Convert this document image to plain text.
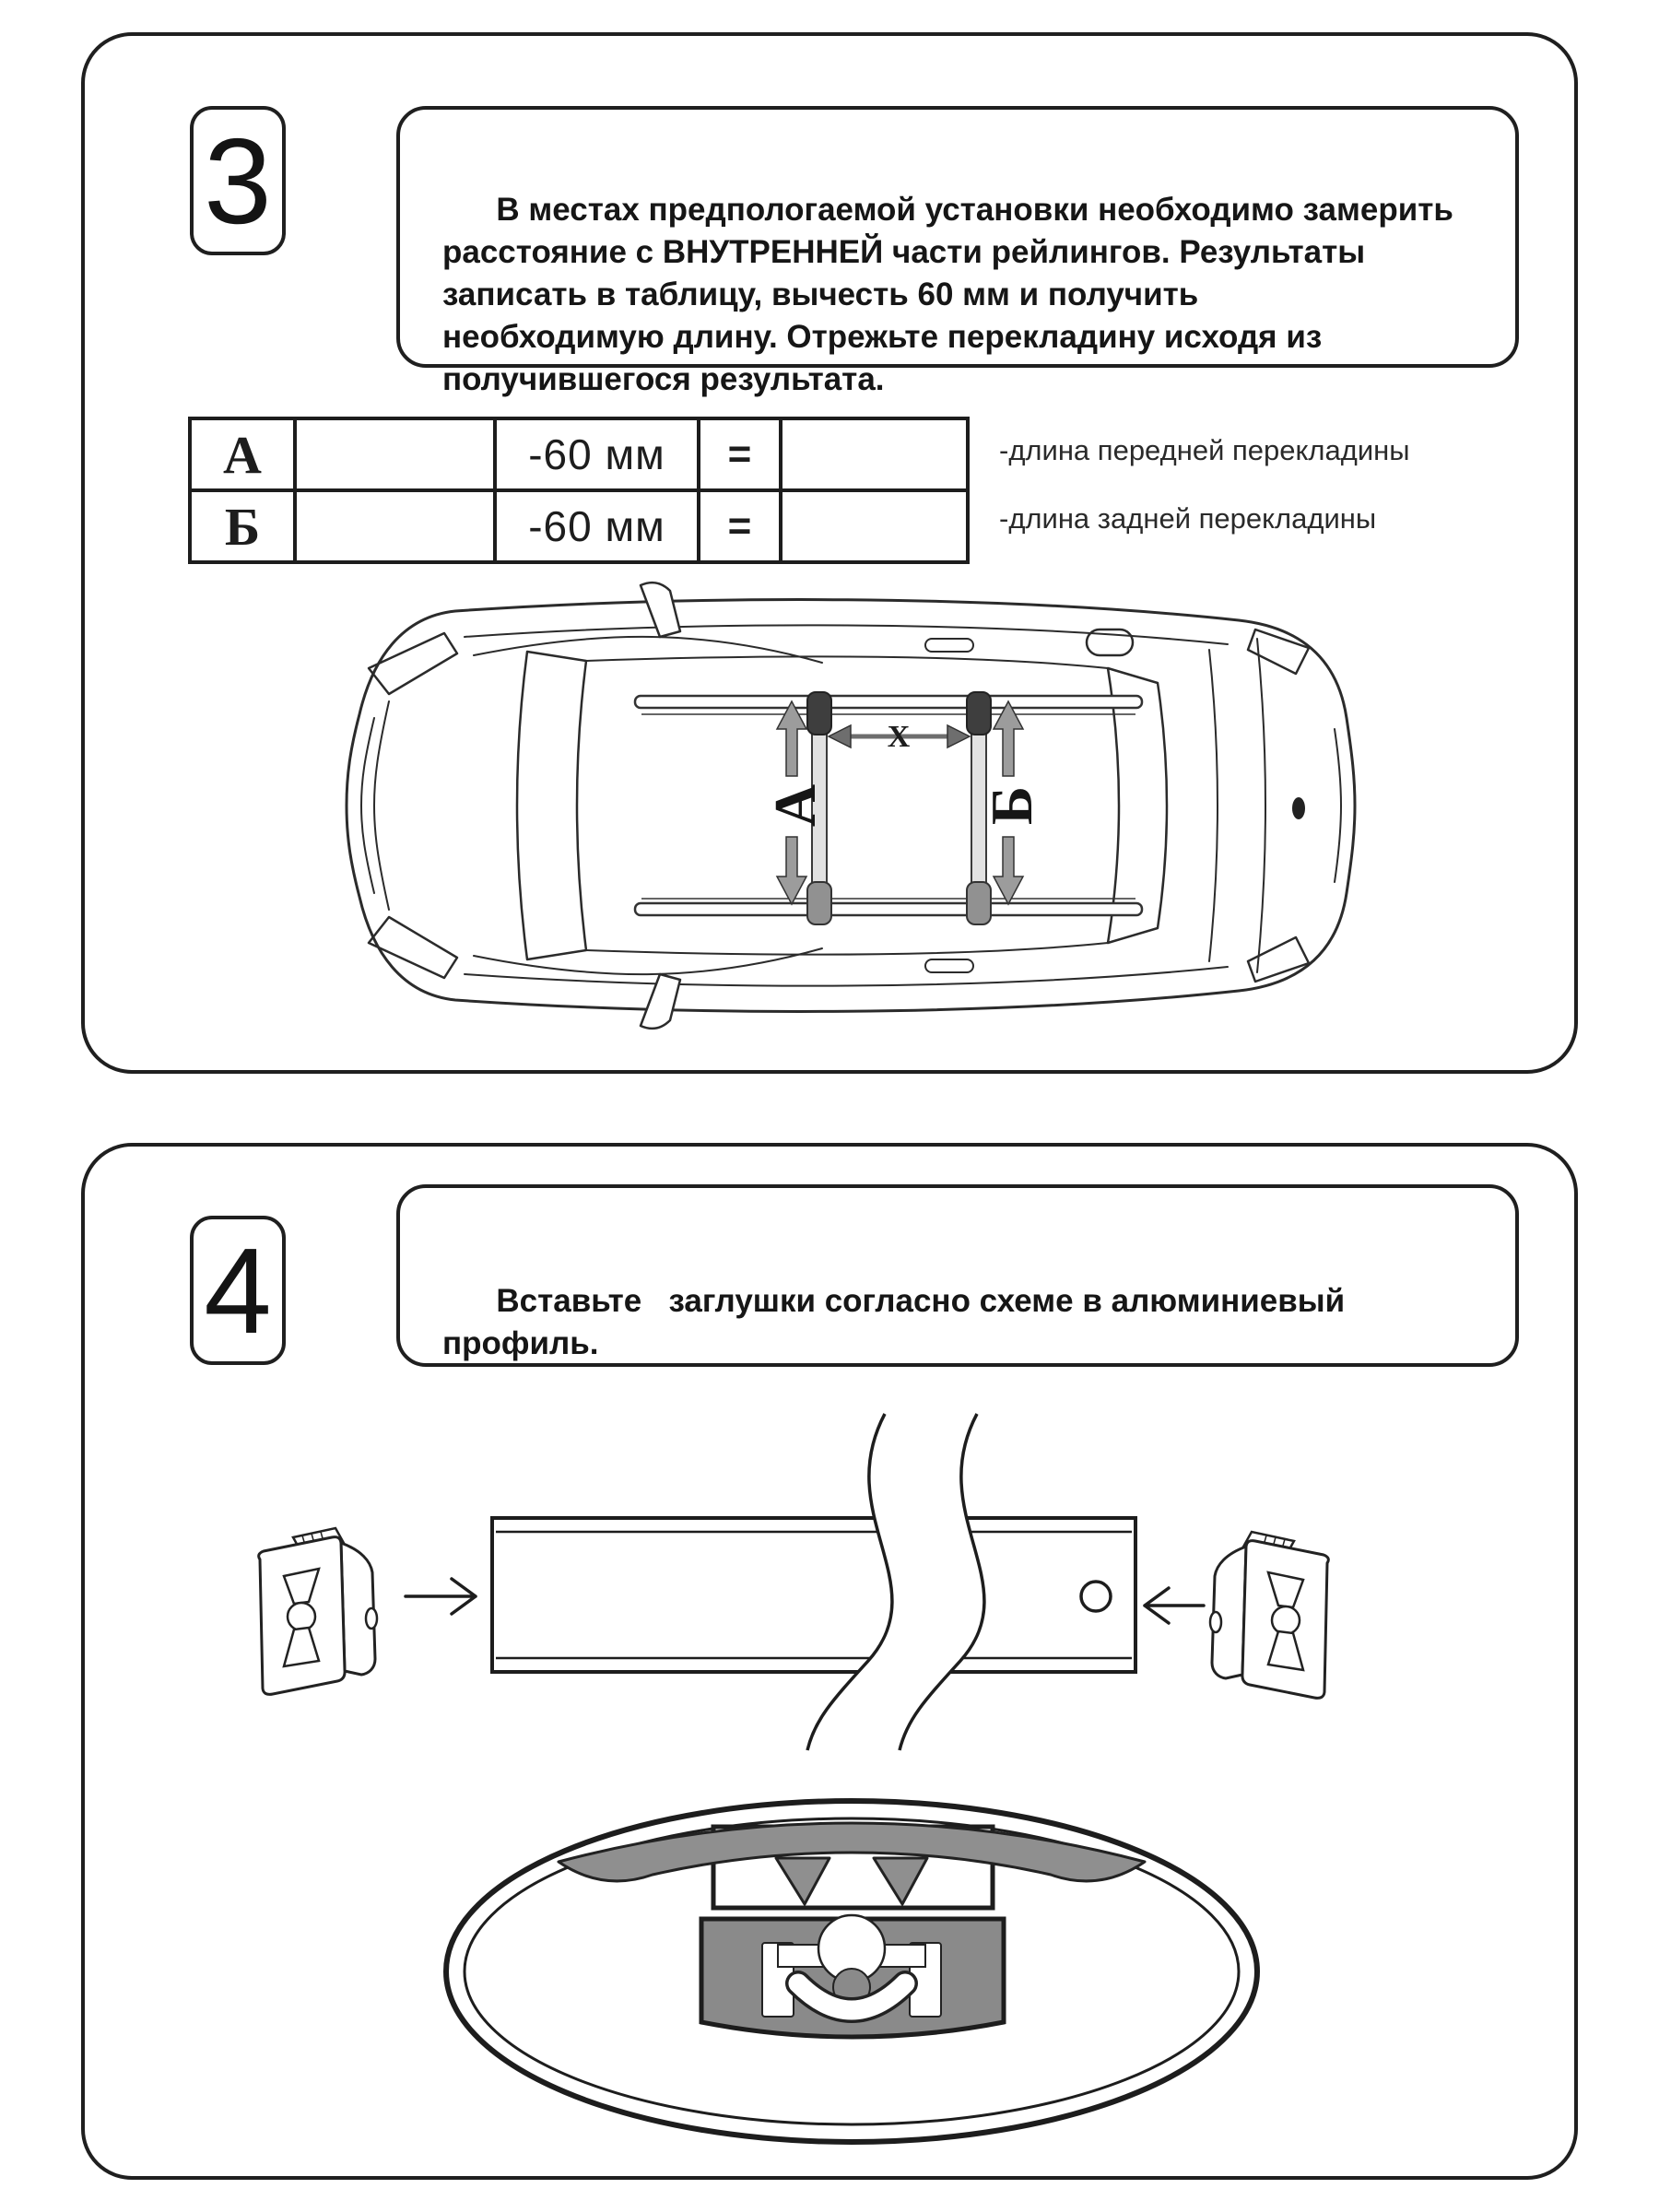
3	В местах предпологаемой установки необходимо замерить
расстояние с ВНУТРЕННЕЙ части рейлингов. Результаты
записать в таблицу, вычесть 60 мм и получить
необходимую длину. Отрежьте перекладину исходя из
получившегося результата.

А		-60 мм	=	
Б		-60 мм	=	
-длина передней перекладины
-длина задней перекладины
X
А	Б
4	Вставьте   заглушки согласно схеме в алюминиевый
профиль.
